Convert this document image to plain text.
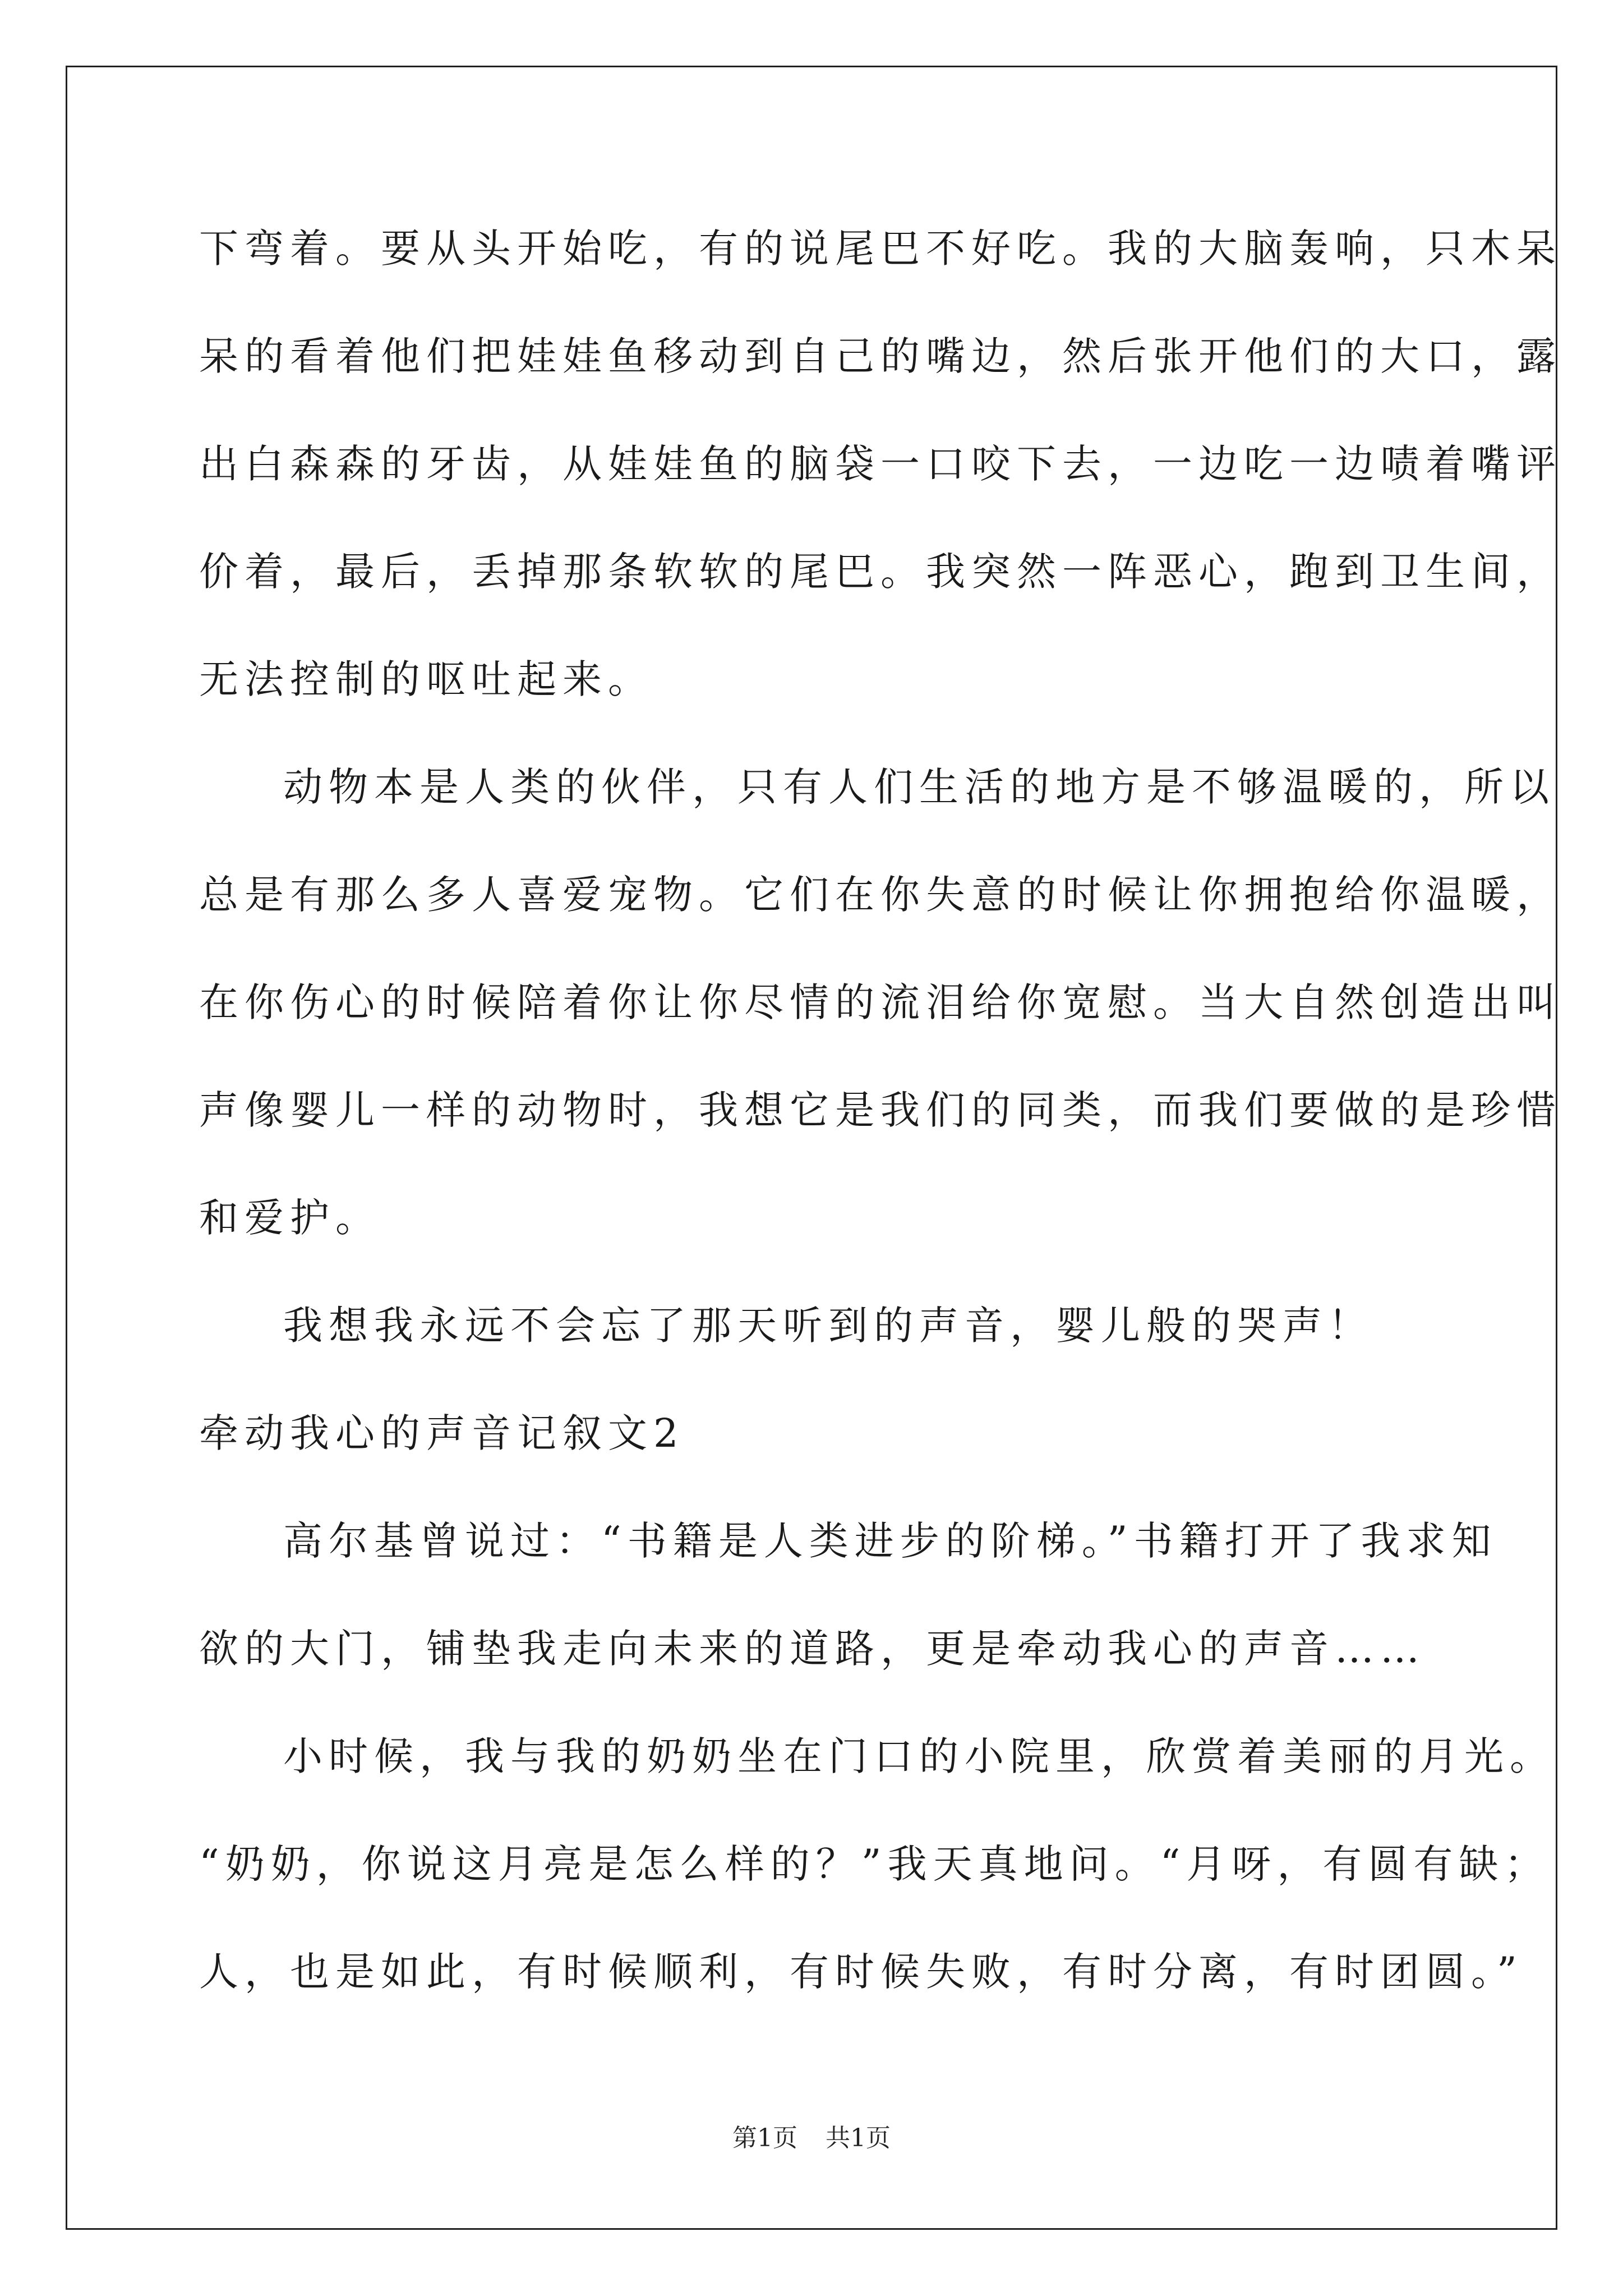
下弯着。要从头开始吃，有的说尾巴不好吃。我的大脑轰响，只木呆
呆的看着他们把娃娃鱼移动到自己的嘴边，然后张开他们的大口，露
出白森森的牙齿，从娃娃鱼的脑袋一口咬下去，一边吃一边啧着嘴评
价着，最后，丢掉那条软软的尾巴。我突然一阵恶心，跑到卫生间，
无法控制的呕吐起来。
动物本是人类的伙伴，只有人们生活的地方是不够温暖的，所以
总是有那么多人喜爱宠物。它们在你失意的时候让你拥抱给你温暖，
在你伤心的时候陪着你让你尽情的流泪给你宽慰。当大自然创造出叫
声像婴儿一样的动物时，我想它是我们的同类，而我们要做的是珍惜
和爱护。
我想我永远不会忘了那天听到的声音，婴儿般的哭声！
牵动我心的声音记叙文2
高尔基曾说过：“书籍是人类进步的阶梯。”书籍打开了我求知
欲的大门，铺垫我走向未来的道路，更是牵动我心的声音……
小时候，我与我的奶奶坐在门口的小院里，欣赏着美丽的月光。
“奶奶，你说这月亮是怎么样的？”我天真地问。“月呀，有圆有缺；
人，也是如此，有时候顺利，有时候失败，有时分离，有时团圆。”
第1页 共1页
